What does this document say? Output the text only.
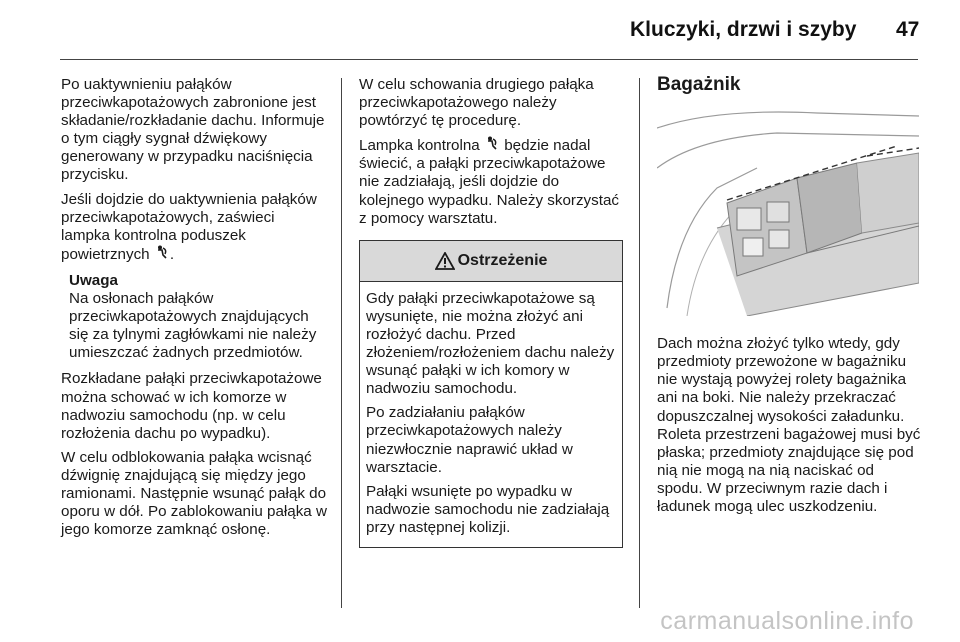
Kluczyki, drzwi i szyby 47

Po uaktywnieniu pałąków przeciwkapotażowych zabronione jest składanie/rozkładanie dachu. Informuje o tym ciągły sygnał dźwiękowy generowany w przypadku naciśnięcia przycisku.

Jeśli dojdzie do uaktywnienia pałąków przeciwkapotażowych, zaświeci lampka kontrolna poduszek powietrznych .

Uwaga

Na osłonach pałąków przeciwkapotażowych znajdujących się za tylnymi zagłówkami nie należy umieszczać żadnych przedmiotów.

Rozkładane pałąki przeciwkapotażowe można schować w ich komorze w nadwoziu samochodu (np. w celu rozłożenia dachu po wypadku).

W celu odblokowania pałąka wcisnąć dźwignię znajdującą się między jego ramionami. Następnie wsunąć pałąk do oporu w dół. Po zablokowaniu pałąka w jego komorze zamknąć osłonę.

W celu schowania drugiego pałąka przeciwkapotażowego należy powtórzyć tę procedurę.

Lampka kontrolna będzie nadal świecić, a pałąki przeciwkapotażowe nie zadziałają, jeśli dojdzie do kolejnego wypadku. Należy skorzystać z pomocy warsztatu.

Ostrzeżenie

Gdy pałąki przeciwkapotażowe są wysunięte, nie można złożyć ani rozłożyć dachu. Przed złożeniem/rozłożeniem dachu należy wsunąć pałąki w ich komory w nadwoziu samochodu.

Po zadziałaniu pałąków przeciwkapotażowych należy niezwłocznie naprawić układ w warsztacie.

Pałąki wsunięte po wypadku w nadwozie samochodu nie zadziałają przy następnej kolizji.

Bagażnik

Dach można złożyć tylko wtedy, gdy przedmioty przewożone w bagażniku nie wystają powyżej rolety bagażnika ani na boki. Nie należy przekraczać dopuszczalnej wysokości załadunku. Roleta przestrzeni bagażowej musi być płaska; przedmioty znajdujące się pod nią nie mogą na nią naciskać od spodu. W przeciwnym razie dach i ładunek mogą ulec uszkodzeniu.

carmanualsonline.info
